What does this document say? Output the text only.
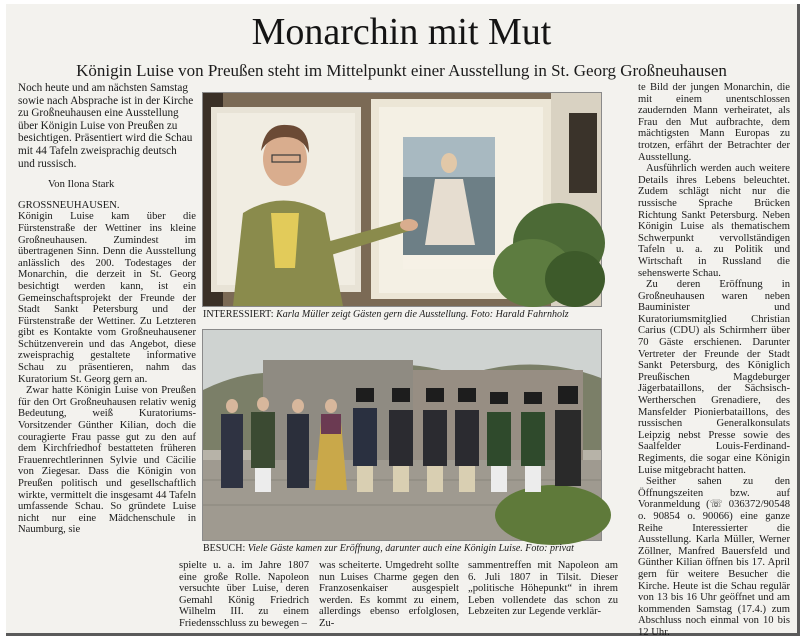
Monarchin mit Mut
Königin Luise von Preußen steht im Mittelpunkt einer Ausstellung in St. Georg Großneuhausen

Noch heute und am nächsten Samstag sowie nach Absprache ist in der Kirche zu Großneuhausen eine Ausstellung über Königin Luise von Preußen zu besichtigen. Präsentiert wird die Schau mit 44 Tafeln zweisprachig deutsch und russisch.

Von Ilona Stark

GROSSNEUHAUSEN.

Königin Luise kam über die Fürstenstraße der Wettiner ins kleine Großneuhausen. Zumindest im übertragenen Sinn. Denn die Ausstellung anlässlich des 200. Todestages der Monarchin, die derzeit in St. Georg besichtigt werden kann, ist ein Gemeinschaftsprojekt der Freunde der Stadt Sankt Petersburg und der Fürstenstraße der Wettiner. Zu Letzteren gibt es Kontakte vom Großneuhausener Schützenverein und das Angebot, diese zweisprachig gestaltete informative Schau zu präsentieren, nahm das Kuratorium St. Georg gern an.

Zwar hatte Königin Luise von Preußen für den Ort Großneuhausen relativ wenig Bedeutung, weiß Kuratoriums-Vorsitzender Günther Kilian, doch die couragierte Frau passe gut zu den auf dem Kirchfriedhof bestatteten früheren Frauenrechtlerinnen Sylvie und Cäcilie von Ziegesar. Dass die Königin von Preußen politisch und gesellschaftlich wirkte, vermittelt die insgesamt 44 Tafeln umfassende Schau. So gründete Luise nicht nur eine Mädchenschule in Naumburg, sie

INTERESSIERT: Karla Müller zeigt Gästen gern die Ausstellung. Foto: Harald Fahrnholz
BESUCH: Viele Gäste kamen zur Eröffnung, darunter auch eine Königin Luise. Foto: privat
spielte u. a. im Jahre 1807 eine große Rolle. Napoleon versuchte über Luise, deren Gemahl König Friedrich Wilhelm III. zu einem Friedensschluss zu bewegen –
was scheiterte. Umgedreht sollte nun Luises Charme gegen den Franzosenkaiser ausgespielt werden. Es kommt zu einem, allerdings ebenso erfolglosen, Zu-
sammentreffen mit Napoleon am 6. Juli 1807 in Tilsit. Dieser „politische Höhepunkt“ in ihrem Leben vollendete das schon zu Lebzeiten zur Legende verklär-

te Bild der jungen Monarchin, die mit einem unentschlossen zaudernden Mann verheiratet, als Frau den Mut aufbrachte, dem mächtigsten Mann Europas zu trotzen, erfährt der Betrachter der Ausstellung.

Ausführlich werden auch weitere Details ihres Lebens beleuchtet. Zudem schlägt nicht nur die russische Sprache Brücken Richtung Sankt Petersburg. Neben Königin Luise als thematischem Schwerpunkt vervollständigen Tafeln u. a. zu Politik und Wirtschaft in Russland die sehenswerte Schau.

Zu deren Eröffnung in Großneuhausen waren neben Bauminister und Kuratoriumsmitglied Christian Carius (CDU) als Schirmherr über 70 Gäste erschienen. Darunter Vertreter der Freunde der Stadt Sankt Petersburg, des Königlich Preußischen Magdeburger Jägerbataillons, der Sächsisch-Wertherschen Grenadiere, des Mansfelder Pionierbataillons, des russischen Generalkonsulats Leipzig nebst Presse sowie des Saalfelder Louis-Ferdinand-Regiments, die sogar eine Königin Luise mitgebracht hatten.

Seither sahen zu den Öffnungszeiten bzw. auf Voranmeldung (☏ 036372/90548 o. 90854 o. 90066) eine ganze Reihe Interessierter die Ausstellung. Karla Müller, Werner Zöllner, Manfred Bauersfeld und Günther Kilian öffnen bis 17. April gern für weitere Besucher die Kirche. Heute ist die Schau regulär von 13 bis 16 Uhr geöffnet und am kommenden Samstag (17.4.) zum Abschluss noch einmal von 10 bis 12 Uhr.
